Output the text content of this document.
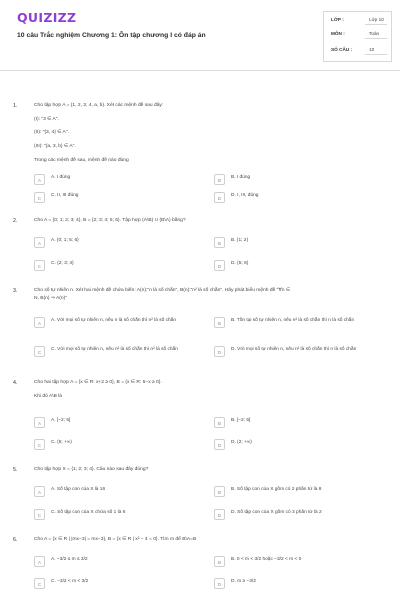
QUIZIZZ
10 câu Trắc nghiệm Chương 1: Ôn tập chương I có đáp án
LỚP :	Lớp 10
MÔN :	Toán
SỐ CÂU :	10
1.	Cho tập hợp A = {1, 2, 3, 4, a, b}. Xét các mệnh đề sau đây:
(I): "3 ∈ A".
(II): "{3, 4} ∈ A".
(III): "{a, 3, b} ∈ A".
Trong các mệnh đề sau, mệnh đề nào đúng
A
A. I đúng
B
B. I đúng
C
C. II, III đúng
D
D. I, III, đúng
2.	Cho A = {0; 1; 2; 3; 4}, B = {2; 3; 4; 5; 6}. Tập hợp (A\B) ∪ (B\A) bằng?
A
A. {0; 1; 5; 6}
B
B. {1; 2}
C
C. {2; 3; 4}
D
D. {5; 6}
3.	Cho số tự nhiên n. Xét hai mệnh đề chứa biến: A(n):"n là số chẵn", B(n):"n² là số chẵn". Hãy phát biểu mệnh đề "∀n ∈
N, B(n) ⇒ A(n)"
A
A. Với mọi số tự nhiên n, nếu n là số chẵn thì n² là số chẵn
B
B. Tồn tại số tự nhiên n, nếu n² là số chẵn thì n là số chẵn
C
C. Với mọi số tự nhiên n, nếu n² là số chẵn thì n² là số chẵn
D
D. Với mọi số tự nhiên n, nếu n² là số chẵn thì n là số chẵn
4.	Cho hai tập hợp A = {x ∈ R: x+2 ≥ 0}, B = {x ∈ R: 5−x ≥ 0}.
Khi đó A\B là
A
A. [−2; 5]
B
B. [−2; 6]
C
C. (5; +∞)
D
D. (2; +∞)
5.	Cho tập hợp X = {1; 2; 3; 4}. Câu nào sau đây đúng?
A
A. Số tập con của X là 16
B
B. Số tập con của X gồm có 2 phần tử là 8
C
C. Số tập con của X chứa số 1 là 6
D
D. Số tập con của X gồm có 3 phần tử là 2
6.	Cho A = {x ∈ R | |mx−3| = mx−3}, B = {x ∈ R | x² − 4 = 0}. Tìm m để B\A=B
A
A. −3/2 ≤ m ≤ 3/2
B
B. 0 < m < 3/2 hoặc −3/2 < m < 0
C
C. −3/2 < m < 3/2
D
D. m ≥ −3/2
